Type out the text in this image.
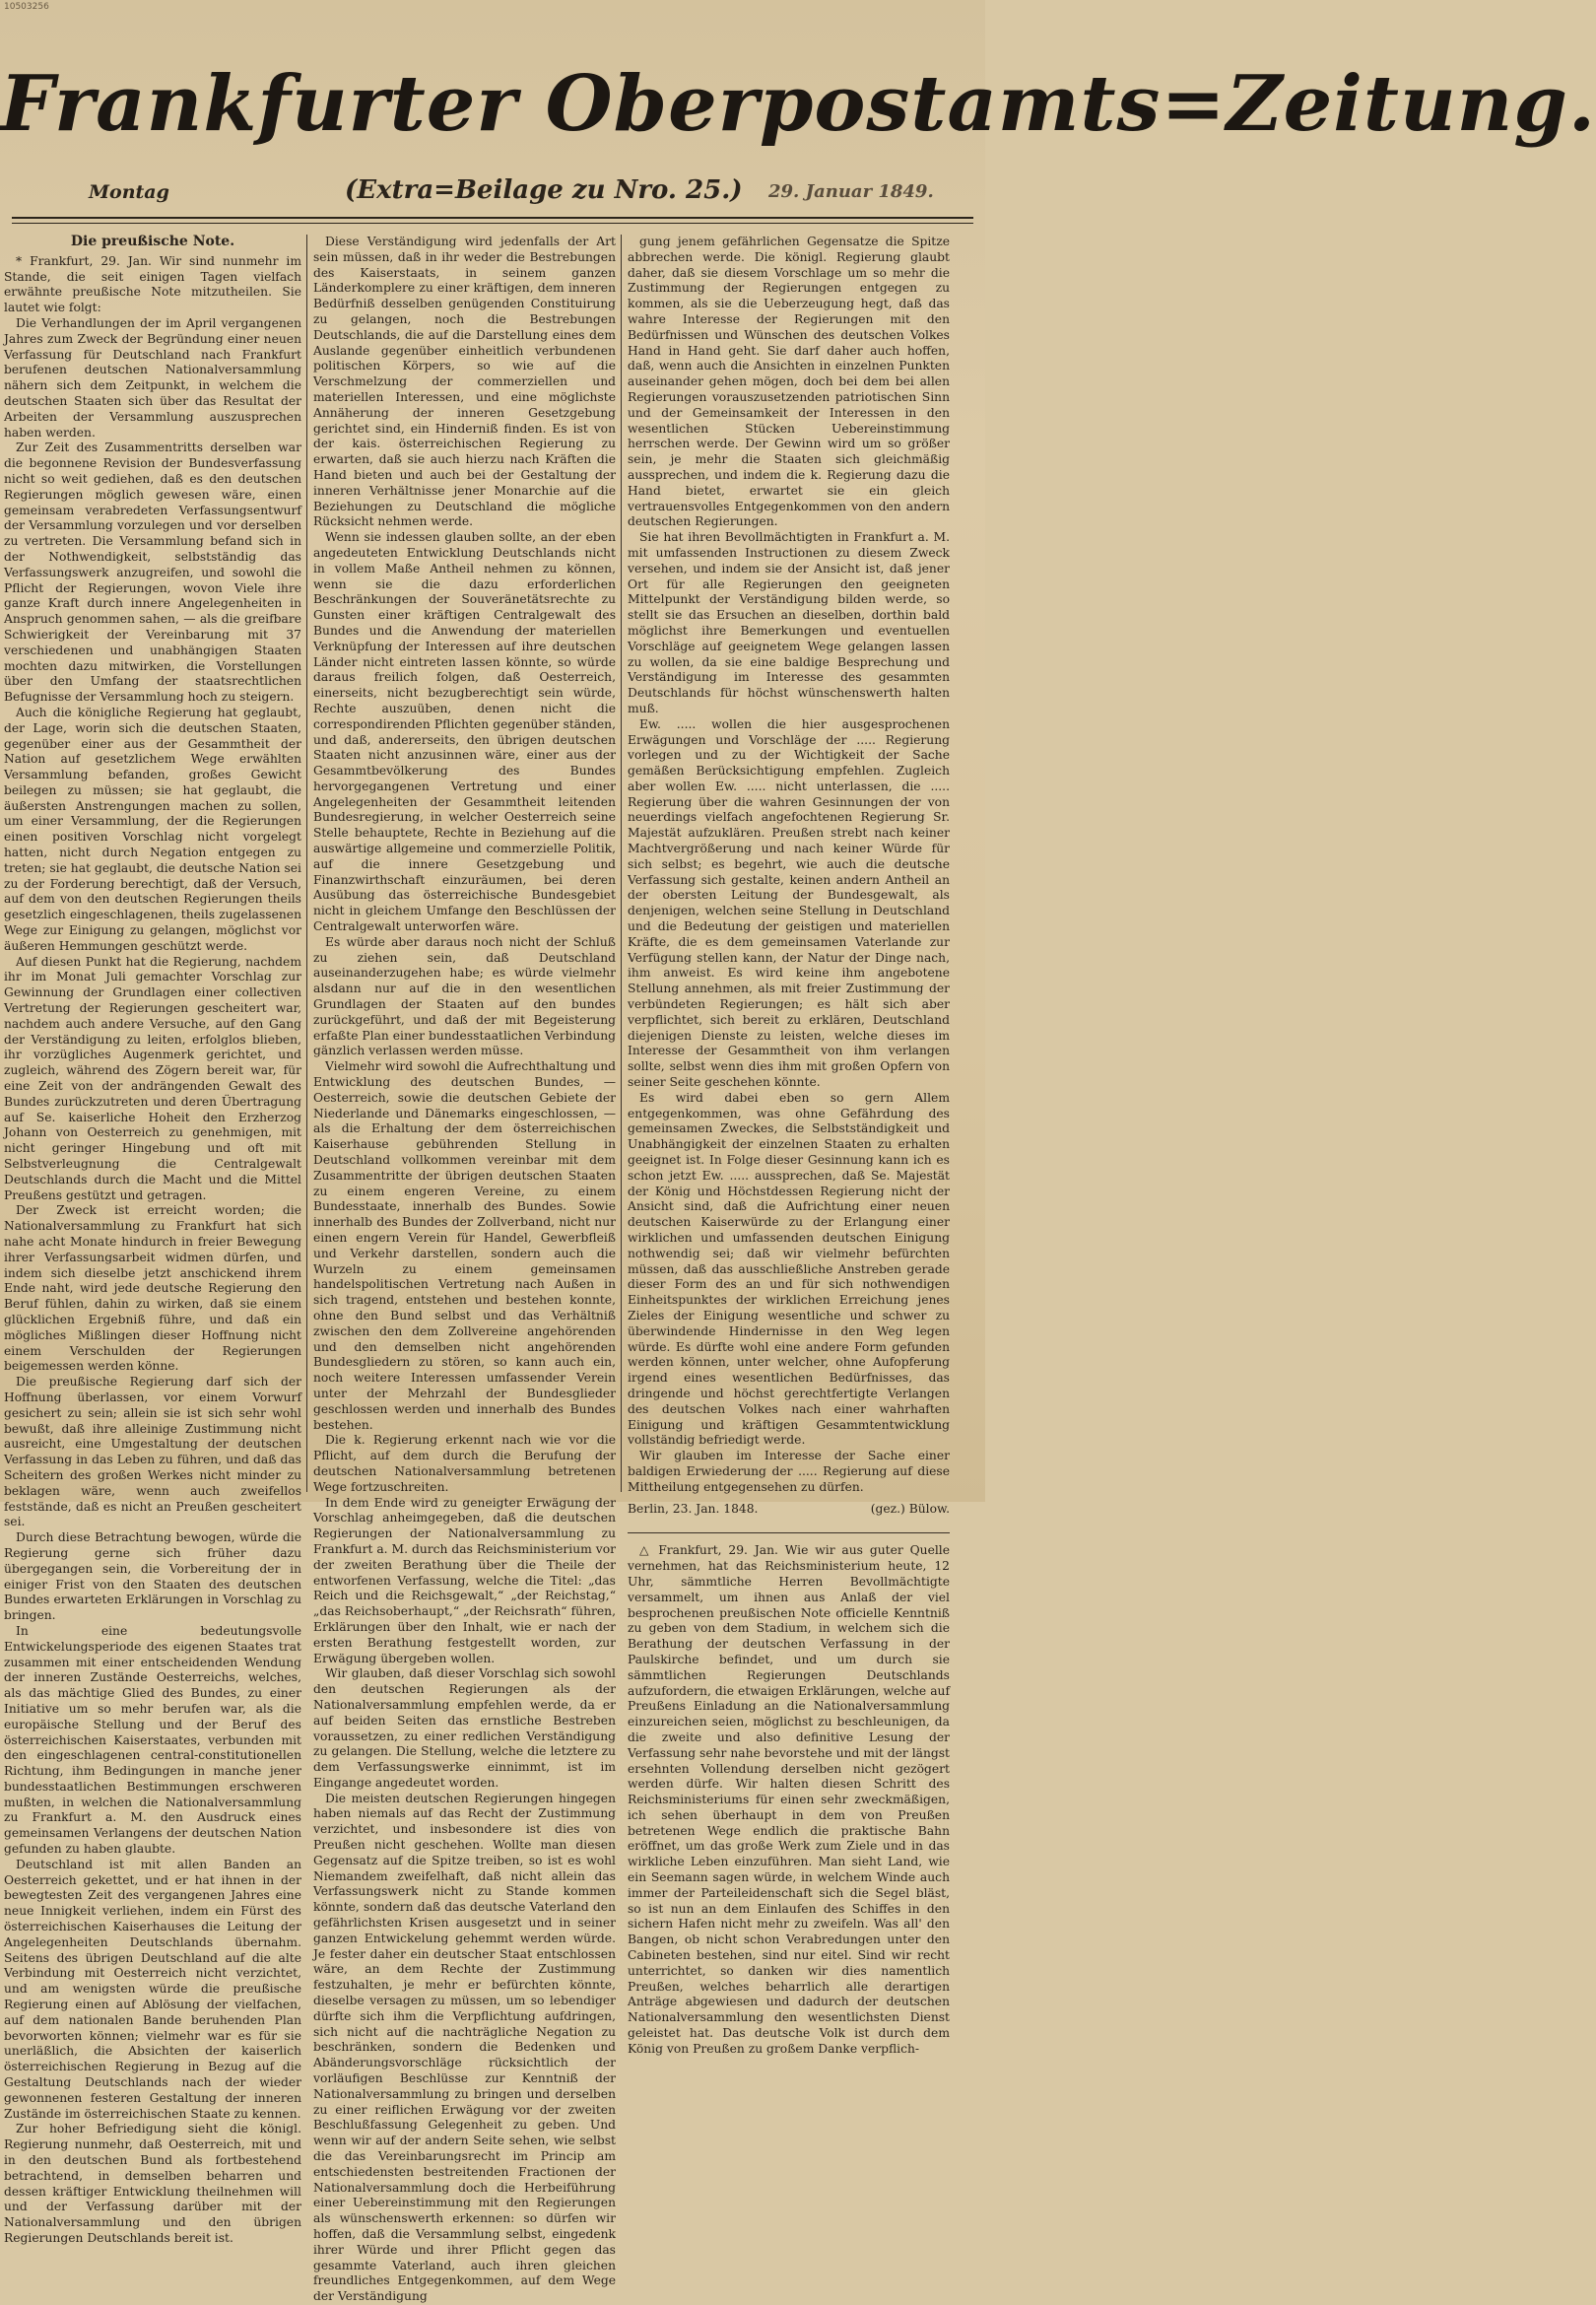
10503256
Frankfurter Oberpostamts=Zeitung.
Montag	(Extra=Beilage zu Nro. 25.) 29. Januar 1849.
Die preußische Note.

* Frankfurt, 29. Jan. Wir sind nunmehr im Stande, die seit einigen Tagen vielfach erwähnte preußische Note mitzutheilen. Sie lautet wie folgt:

Die Verhandlungen der im April vergangenen Jahres zum Zweck der Begründung einer neuen Verfassung für Deutschland nach Frankfurt berufenen deutschen Nationalversammlung nähern sich dem Zeitpunkt, in welchem die deutschen Staaten sich über das Resultat der Arbeiten der Versammlung auszusprechen haben werden.

Zur Zeit des Zusammentritts derselben war die begonnene Revision der Bundesverfassung nicht so weit gediehen, daß es den deutschen Regierungen möglich gewesen wäre, einen gemeinsam verabredeten Verfassungsentwurf der Versammlung vorzulegen und vor derselben zu vertreten. Die Versammlung befand sich in der Nothwendigkeit, selbstständig das Verfassungswerk anzugreifen, und sowohl die Pflicht der Regierungen, wovon Viele ihre ganze Kraft durch innere Angelegenheiten in Anspruch genommen sahen, — als die greifbare Schwierigkeit der Vereinbarung mit 37 verschiedenen und unabhängigen Staaten mochten dazu mitwirken, die Vorstellungen über den Umfang der staatsrechtlichen Befugnisse der Versammlung hoch zu steigern.

Auch die königliche Regierung hat geglaubt, der Lage, worin sich die deutschen Staaten, gegenüber einer aus der Gesammtheit der Nation auf gesetzlichem Wege erwählten Versammlung befanden, großes Gewicht beilegen zu müssen; sie hat geglaubt, die äußersten Anstrengungen machen zu sollen, um einer Versammlung, der die Regierungen einen positiven Vorschlag nicht vorgelegt hatten, nicht durch Negation entgegen zu treten; sie hat geglaubt, die deutsche Nation sei zu der Forderung berechtigt, daß der Versuch, auf dem von den deutschen Regierungen theils gesetzlich eingeschlagenen, theils zugelassenen Wege zur Einigung zu gelangen, möglichst vor äußeren Hemmungen geschützt werde.

Auf diesen Punkt hat die Regierung, nachdem ihr im Monat Juli gemachter Vorschlag zur Gewinnung der Grundlagen einer collectiven Vertretung der Regierungen gescheitert war, nachdem auch andere Versuche, auf den Gang der Verständigung zu leiten, erfolglos blieben, ihr vorzügliches Augenmerk gerichtet, und zugleich, während des Zögern bereit war, für eine Zeit von der andrängenden Gewalt des Bundes zurückzutreten und deren Übertragung auf Se. kaiserliche Hoheit den Erzherzog Johann von Oesterreich zu genehmigen, mit nicht geringer Hingebung und oft mit Selbstverleugnung die Centralgewalt Deutschlands durch die Macht und die Mittel Preußens gestützt und getragen.

Der Zweck ist erreicht worden; die Nationalversammlung zu Frankfurt hat sich nahe acht Monate hindurch in freier Bewegung ihrer Verfassungsarbeit widmen dürfen, und indem sich dieselbe jetzt anschickend ihrem Ende naht, wird jede deutsche Regierung den Beruf fühlen, dahin zu wirken, daß sie einem glücklichen Ergebniß führe, und daß ein mögliches Mißlingen dieser Hoffnung nicht einem Verschulden der Regierungen beigemessen werden könne.

Die preußische Regierung darf sich der Hoffnung überlassen, vor einem Vorwurf gesichert zu sein; allein sie ist sich sehr wohl bewußt, daß ihre alleinige Zustimmung nicht ausreicht, eine Umgestaltung der deutschen Verfassung in das Leben zu führen, und daß das Scheitern des großen Werkes nicht minder zu beklagen wäre, wenn auch zweifellos feststände, daß es nicht an Preußen gescheitert sei.

Durch diese Betrachtung bewogen, würde die Regierung gerne sich früher dazu übergegangen sein, die Vorbereitung der in einiger Frist von den Staaten des deutschen Bundes erwarteten Erklärungen in Vorschlag zu bringen.

In eine bedeutungsvolle Entwickelungsperiode des eigenen Staates trat zusammen mit einer entscheidenden Wendung der inneren Zustände Oesterreichs, welches, als das mächtige Glied des Bundes, zu einer Initiative um so mehr berufen war, als die europäische Stellung und der Beruf des österreichischen Kaiserstaates, verbunden mit den eingeschlagenen central-constitutionellen Richtung, ihm Bedingungen in manche jener bundesstaatlichen Bestimmungen erschweren mußten, in welchen die Nationalversammlung zu Frankfurt a. M. den Ausdruck eines gemeinsamen Verlangens der deutschen Nation gefunden zu haben glaubte.

Deutschland ist mit allen Banden an Oesterreich gekettet, und er hat ihnen in der bewegtesten Zeit des vergangenen Jahres eine neue Innigkeit verliehen, indem ein Fürst des österreichischen Kaiserhauses die Leitung der Angelegenheiten Deutschlands übernahm. Seitens des übrigen Deutschland auf die alte Verbindung mit Oesterreich nicht verzichtet, und am wenigsten würde die preußische Regierung einen auf Ablösung der vielfachen, auf dem nationalen Bande beruhenden Plan bevorworten können; vielmehr war es für sie unerläßlich, die Absichten der kaiserlich österreichischen Regierung in Bezug auf die Gestaltung Deutschlands nach der wieder gewonnenen festeren Gestaltung der inneren Zustände im österreichischen Staate zu kennen.

Zur hoher Befriedigung sieht die königl. Regierung nunmehr, daß Oesterreich, mit und in den deutschen Bund als fortbestehend betrachtend, in demselben beharren und dessen kräftiger Entwicklung theilnehmen will und der Verfassung darüber mit der Nationalversammlung und den übrigen Regierungen Deutschlands bereit ist.

Diese Verständigung wird jedenfalls der Art sein müssen, daß in ihr weder die Bestrebungen des Kaiserstaats, in seinem ganzen Länderkomplere zu einer kräftigen, dem inneren Bedürfniß desselben genügenden Constituirung zu gelangen, noch die Bestrebungen Deutschlands, die auf die Darstellung eines dem Auslande gegenüber einheitlich verbundenen politischen Körpers, so wie auf die Verschmelzung der commerziellen und materiellen Interessen, und eine möglichste Annäherung der inneren Gesetzgebung gerichtet sind, ein Hinderniß finden. Es ist von der kais. österreichischen Regierung zu erwarten, daß sie auch hierzu nach Kräften die Hand bieten und auch bei der Gestaltung der inneren Verhältnisse jener Monarchie auf die Beziehungen zu Deutschland die mögliche Rücksicht nehmen werde.

Wenn sie indessen glauben sollte, an der eben angedeuteten Entwicklung Deutschlands nicht in vollem Maße Antheil nehmen zu können, wenn sie die dazu erforderlichen Beschränkungen der Souveränetätsrechte zu Gunsten einer kräftigen Centralgewalt des Bundes und die Anwendung der materiellen Verknüpfung der Interessen auf ihre deutschen Länder nicht eintreten lassen könnte, so würde daraus freilich folgen, daß Oesterreich, einerseits, nicht bezugberechtigt sein würde, Rechte auszuüben, denen nicht die correspondirenden Pflichten gegenüber ständen, und daß, andererseits, den übrigen deutschen Staaten nicht anzusinnen wäre, einer aus der Gesammtbevölkerung des Bundes hervorgegangenen Vertretung und einer Angelegenheiten der Gesammtheit leitenden Bundesregierung, in welcher Oesterreich seine Stelle behauptete, Rechte in Beziehung auf die auswärtige allgemeine und commerzielle Politik, auf die innere Gesetzgebung und Finanzwirthschaft einzuräumen, bei deren Ausübung das österreichische Bundesgebiet nicht in gleichem Umfange den Beschlüssen der Centralgewalt unterworfen wäre.

Es würde aber daraus noch nicht der Schluß zu ziehen sein, daß Deutschland auseinanderzugehen habe; es würde vielmehr alsdann nur auf die in den wesentlichen Grundlagen der Staaten auf den bundes zurückgeführt, und daß der mit Begeisterung erfaßte Plan einer bundesstaatlichen Verbindung gänzlich verlassen werden müsse.

Vielmehr wird sowohl die Aufrechthaltung und Entwicklung des deutschen Bundes, — Oesterreich, sowie die deutschen Gebiete der Niederlande und Dänemarks eingeschlossen, — als die Erhaltung der dem österreichischen Kaiserhause gebührenden Stellung in Deutschland vollkommen vereinbar mit dem Zusammentritte der übrigen deutschen Staaten zu einem engeren Vereine, zu einem Bundesstaate, innerhalb des Bundes. Sowie innerhalb des Bundes der Zollverband, nicht nur einen engern Verein für Handel, Gewerbfleiß und Verkehr darstellen, sondern auch die Wurzeln zu einem gemeinsamen handelspolitischen Vertretung nach Außen in sich tragend, entstehen und bestehen konnte, ohne den Bund selbst und das Verhältniß zwischen den dem Zollvereine angehörenden und den demselben nicht angehörenden Bundesgliedern zu stören, so kann auch ein, noch weitere Interessen umfassender Verein unter der Mehrzahl der Bundesglieder geschlossen werden und innerhalb des Bundes bestehen.

Die k. Regierung erkennt nach wie vor die Pflicht, auf dem durch die Berufung der deutschen Nationalversammlung betretenen Wege fortzuschreiten.

In dem Ende wird zu geneigter Erwägung der Vorschlag anheimgegeben, daß die deutschen Regierungen der Nationalversammlung zu Frankfurt a. M. durch das Reichsministerium vor der zweiten Berathung über die Theile der entworfenen Verfassung, welche die Titel: „das Reich und die Reichsgewalt,“ „der Reichstag,“ „das Reichsoberhaupt,“ „der Reichsrath“ führen, Erklärungen über den Inhalt, wie er nach der ersten Berathung festgestellt worden, zur Erwägung übergeben wollen.

Wir glauben, daß dieser Vorschlag sich sowohl den deutschen Regierungen als der Nationalversammlung empfehlen werde, da er auf beiden Seiten das ernstliche Bestreben voraussetzen, zu einer redlichen Verständigung zu gelangen. Die Stellung, welche die letztere zu dem Verfassungswerke einnimmt, ist im Eingange angedeutet worden.

Die meisten deutschen Regierungen hingegen haben niemals auf das Recht der Zustimmung verzichtet, und insbesondere ist dies von Preußen nicht geschehen. Wollte man diesen Gegensatz auf die Spitze treiben, so ist es wohl Niemandem zweifelhaft, daß nicht allein das Verfassungswerk nicht zu Stande kommen könnte, sondern daß das deutsche Vaterland den gefährlichsten Krisen ausgesetzt und in seiner ganzen Entwickelung gehemmt werden würde. Je fester daher ein deutscher Staat entschlossen wäre, an dem Rechte der Zustimmung festzuhalten, je mehr er befürchten könnte, dieselbe versagen zu müssen, um so lebendiger dürfte sich ihm die Verpflichtung aufdringen, sich nicht auf die nachträgliche Negation zu beschränken, sondern die Bedenken und Abänderungsvorschläge rücksichtlich der vorläufigen Beschlüsse zur Kenntniß der Nationalversammlung zu bringen und derselben zu einer reiflichen Erwägung vor der zweiten Beschlußfassung Gelegenheit zu geben. Und wenn wir auf der andern Seite sehen, wie selbst die das Vereinbarungsrecht im Princip am entschiedensten bestreitenden Fractionen der Nationalversammlung doch die Herbeiführung einer Uebereinstimmung mit den Regierungen als wünschenswerth erkennen: so dürfen wir hoffen, daß die Versammlung selbst, eingedenk ihrer Würde und ihrer Pflicht gegen das gesammte Vaterland, auch ihren gleichen freundliches Entgegenkommen, auf dem Wege der Verständigung

gung jenem gefährlichen Gegensatze die Spitze abbrechen werde. Die königl. Regierung glaubt daher, daß sie diesem Vorschlage um so mehr die Zustimmung der Regierungen entgegen zu kommen, als sie die Ueberzeugung hegt, daß das wahre Interesse der Regierungen mit den Bedürfnissen und Wünschen des deutschen Volkes Hand in Hand geht. Sie darf daher auch hoffen, daß, wenn auch die Ansichten in einzelnen Punkten auseinander gehen mögen, doch bei dem bei allen Regierungen vorauszusetzenden patriotischen Sinn und der Gemeinsamkeit der Interessen in den wesentlichen Stücken Uebereinstimmung herrschen werde. Der Gewinn wird um so größer sein, je mehr die Staaten sich gleichmäßig aussprechen, und indem die k. Regierung dazu die Hand bietet, erwartet sie ein gleich vertrauensvolles Entgegenkommen von den andern deutschen Regierungen.

Sie hat ihren Bevollmächtigten in Frankfurt a. M. mit umfassenden Instructionen zu diesem Zweck versehen, und indem sie der Ansicht ist, daß jener Ort für alle Regierungen den geeigneten Mittelpunkt der Verständigung bilden werde, so stellt sie das Ersuchen an dieselben, dorthin bald möglichst ihre Bemerkungen und eventuellen Vorschläge auf geeignetem Wege gelangen lassen zu wollen, da sie eine baldige Besprechung und Verständigung im Interesse des gesammten Deutschlands für höchst wünschenswerth halten muß.

Ew. ..... wollen die hier ausgesprochenen Erwägungen und Vorschläge der ..... Regierung vorlegen und zu der Wichtigkeit der Sache gemäßen Berücksichtigung empfehlen. Zugleich aber wollen Ew. ..... nicht unterlassen, die ..... Regierung über die wahren Gesinnungen der von neuerdings vielfach angefochtenen Regierung Sr. Majestät aufzuklären. Preußen strebt nach keiner Machtvergrößerung und nach keiner Würde für sich selbst; es begehrt, wie auch die deutsche Verfassung sich gestalte, keinen andern Antheil an der obersten Leitung der Bundesgewalt, als denjenigen, welchen seine Stellung in Deutschland und die Bedeutung der geistigen und materiellen Kräfte, die es dem gemeinsamen Vaterlande zur Verfügung stellen kann, der Natur der Dinge nach, ihm anweist. Es wird keine ihm angebotene Stellung annehmen, als mit freier Zustimmung der verbündeten Regierungen; es hält sich aber verpflichtet, sich bereit zu erklären, Deutschland diejenigen Dienste zu leisten, welche dieses im Interesse der Gesammtheit von ihm verlangen sollte, selbst wenn dies ihm mit großen Opfern von seiner Seite geschehen könnte.

Es wird dabei eben so gern Allem entgegenkommen, was ohne Gefährdung des gemeinsamen Zweckes, die Selbstständigkeit und Unabhängigkeit der einzelnen Staaten zu erhalten geeignet ist. In Folge dieser Gesinnung kann ich es schon jetzt Ew. ..... aussprechen, daß Se. Majestät der König und Höchstdessen Regierung nicht der Ansicht sind, daß die Aufrichtung einer neuen deutschen Kaiserwürde zu der Erlangung einer wirklichen und umfassenden deutschen Einigung nothwendig sei; daß wir vielmehr befürchten müssen, daß das ausschließliche Anstreben gerade dieser Form des an und für sich nothwendigen Einheitspunktes der wirklichen Erreichung jenes Zieles der Einigung wesentliche und schwer zu überwindende Hindernisse in den Weg legen würde. Es dürfte wohl eine andere Form gefunden werden können, unter welcher, ohne Aufopferung irgend eines wesentlichen Bedürfnisses, das dringende und höchst gerechtfertigte Verlangen des deutschen Volkes nach einer wahrhaften Einigung und kräftigen Gesammtentwicklung vollständig befriedigt werde.

Wir glauben im Interesse der Sache einer baldigen Erwiederung der ..... Regierung auf diese Mittheilung entgegensehen zu dürfen.

Berlin, 23. Jan. 1848.	(gez.) Bülow.

△ Frankfurt, 29. Jan. Wie wir aus guter Quelle vernehmen, hat das Reichsministerium heute, 12 Uhr, sämmtliche Herren Bevollmächtigte versammelt, um ihnen aus Anlaß der viel besprochenen preußischen Note officielle Kenntniß zu geben von dem Stadium, in welchem sich die Berathung der deutschen Verfassung in der Paulskirche befindet, und um durch sie sämmtlichen Regierungen Deutschlands aufzufordern, die etwaigen Erklärungen, welche auf Preußens Einladung an die Nationalversammlung einzureichen seien, möglichst zu beschleunigen, da die zweite und also definitive Lesung der Verfassung sehr nahe bevorstehe und mit der längst ersehnten Vollendung derselben nicht gezögert werden dürfe. Wir halten diesen Schritt des Reichsministeriums für einen sehr zweckmäßigen, ich sehen überhaupt in dem von Preußen betretenen Wege endlich die praktische Bahn eröffnet, um das große Werk zum Ziele und in das wirkliche Leben einzuführen. Man sieht Land, wie ein Seemann sagen würde, in welchem Winde auch immer der Parteileidenschaft sich die Segel bläst, so ist nun an dem Einlaufen des Schiffes in den sichern Hafen nicht mehr zu zweifeln. Was all' den Bangen, ob nicht schon Verabredungen unter den Cabineten bestehen, sind nur eitel. Sind wir recht unterrichtet, so danken wir dies namentlich Preußen, welches beharrlich alle derartigen Anträge abgewiesen und dadurch der deutschen Nationalversammlung den wesentlichsten Dienst geleistet hat. Das deutsche Volk ist durch dem König von Preußen zu großem Danke verpflich-
